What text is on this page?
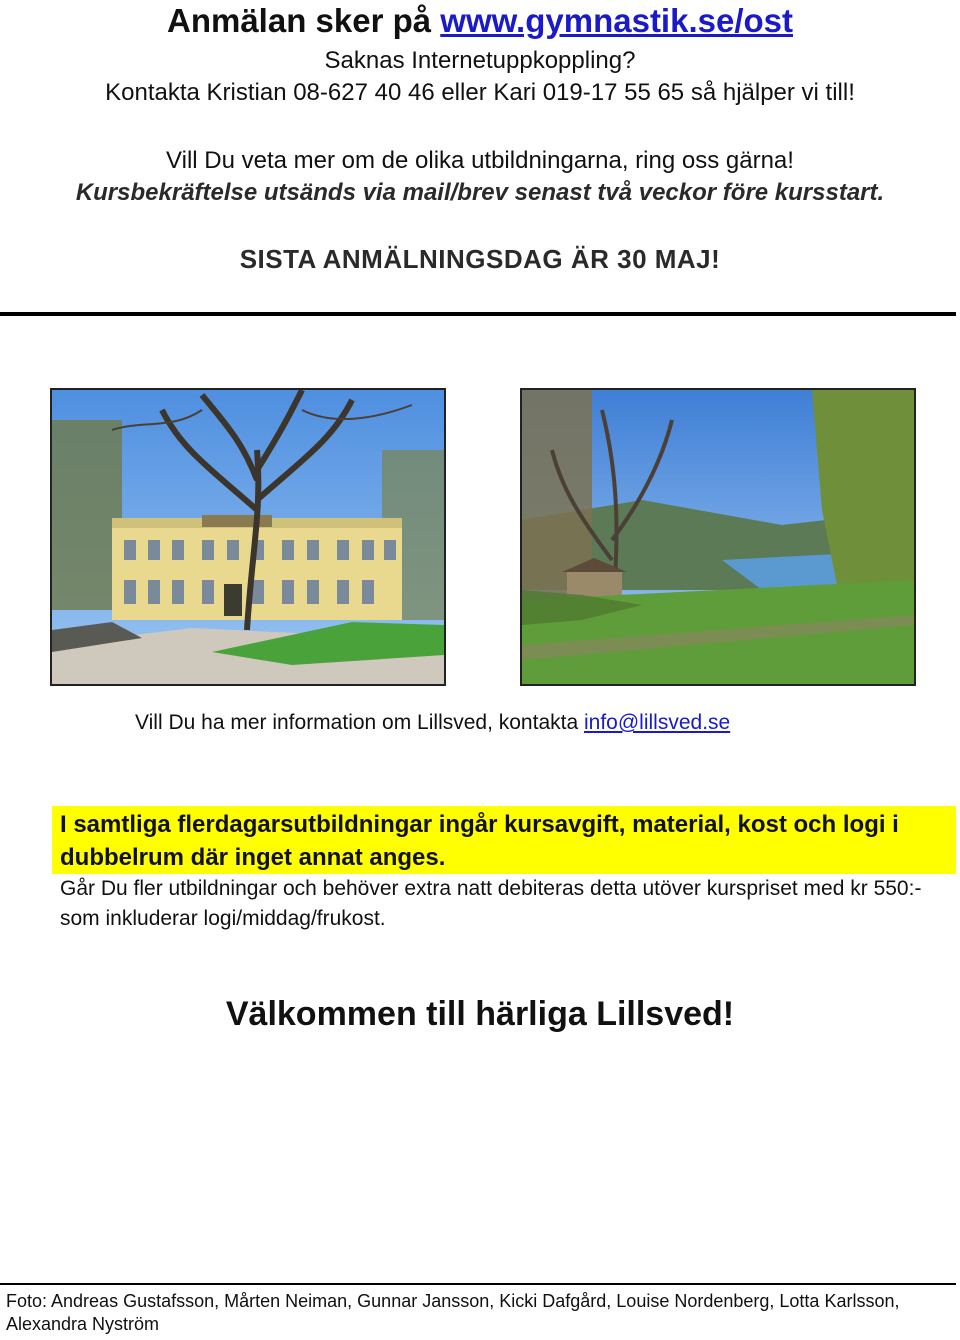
Anmälan sker på www.gymnastik.se/ost
Saknas Internetuppkoppling?
Kontakta Kristian 08-627 40 46 eller Kari 019-17 55 65 så hjälper vi till!
Vill Du veta mer om de olika utbildningarna, ring oss gärna!
Kursbekräftelse utsänds via mail/brev senast två veckor före kursstart.
SISTA ANMÄLNINGSDAG ÄR 30 MAJ!
Vill Du ha mer information om Lillsved, kontakta info@lillsved.se
I samtliga flerdagarsutbildningar ingår kursavgift, material, kost och logi i dubbelrum där inget annat anges.
Går Du fler utbildningar och behöver extra natt debiteras detta utöver kurspriset med kr 550:- som inkluderar logi/middag/frukost.
Välkommen till härliga Lillsved!
Foto: Andreas Gustafsson, Mårten Neiman, Gunnar Jansson, Kicki Dafgård, Louise Nordenberg, Lotta Karlsson, Alexandra Nyström
